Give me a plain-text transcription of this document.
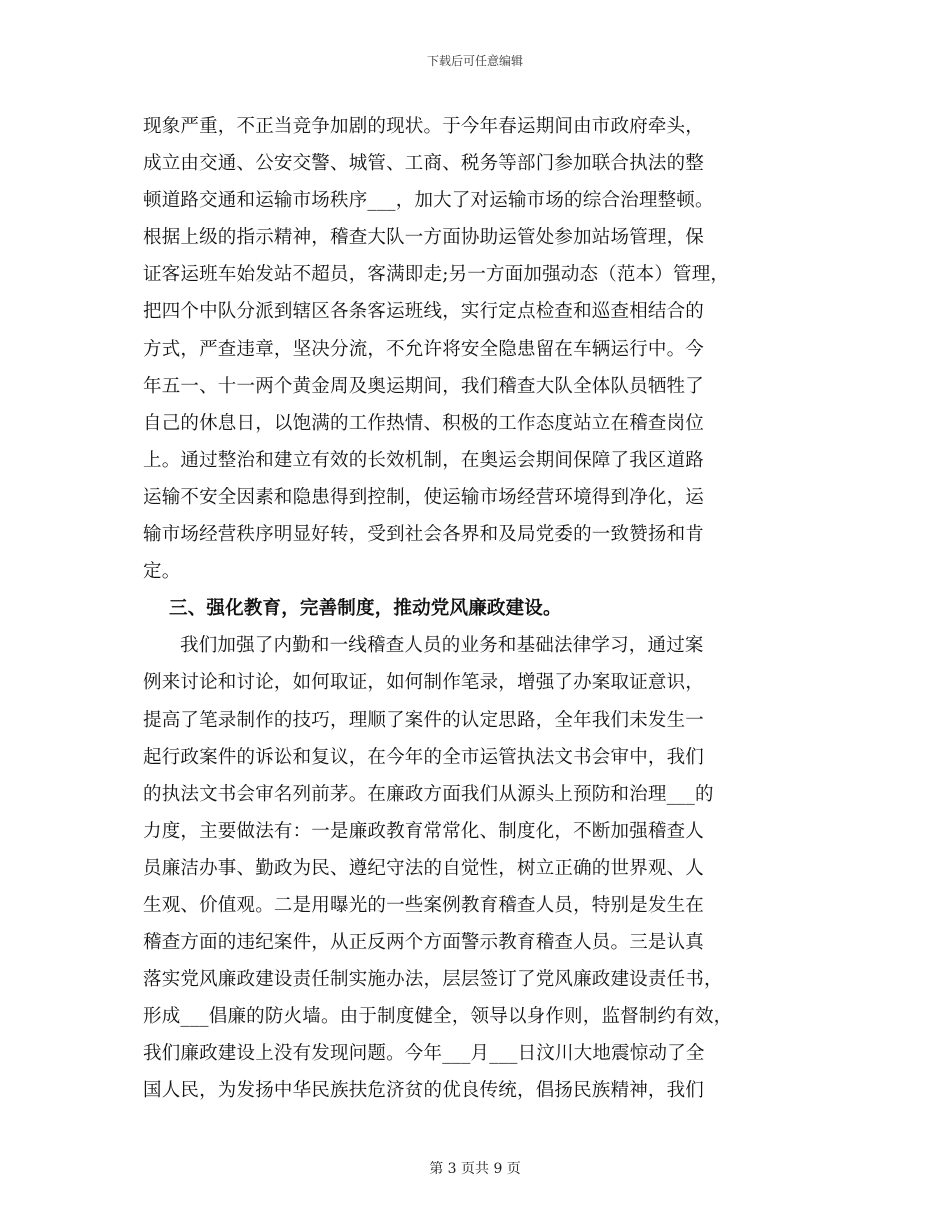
下载后可任意编辑
现象严重，不正当竞争加剧的现状。于今年春运期间由市政府牵头，
成立由交通、公安交警、城管、工商、税务等部门参加联合执法的整
顿道路交通和运输市场秩序___，加大了对运输市场的综合治理整顿。
根据上级的指示精神，稽查大队一方面协助运管处参加站场管理，保
证客运班车始发站不超员，客满即走;另一方面加强动态（范本）管理，
把四个中队分派到辖区各条客运班线，实行定点检查和巡查相结合的
方式，严查违章，坚决分流，不允许将安全隐患留在车辆运行中。今
年五一、十一两个黄金周及奥运期间，我们稽查大队全体队员牺牲了
自己的休息日，以饱满的工作热情、积极的工作态度站立在稽查岗位
上。通过整治和建立有效的长效机制，在奥运会期间保障了我区道路
运输不安全因素和隐患得到控制，使运输市场经营环境得到净化，运
输市场经营秩序明显好转，受到社会各界和及局党委的一致赞扬和肯
定。
三、强化教育，完善制度，推动党风廉政建设。
我们加强了内勤和一线稽查人员的业务和基础法律学习，通过案
例来讨论和讨论，如何取证，如何制作笔录，增强了办案取证意识，
提高了笔录制作的技巧，理顺了案件的认定思路，全年我们未发生一
起行政案件的诉讼和复议，在今年的全市运管执法文书会审中，我们
的执法文书会审名列前茅。在廉政方面我们从源头上预防和治理___的
力度，主要做法有：一是廉政教育常常化、制度化，不断加强稽查人
员廉洁办事、勤政为民、遵纪守法的自觉性，树立正确的世界观、人
生观、价值观。二是用曝光的一些案例教育稽查人员，特别是发生在
稽查方面的违纪案件，从正反两个方面警示教育稽查人员。三是认真
落实党风廉政建设责任制实施办法，层层签订了党风廉政建设责任书，
形成___倡廉的防火墙。由于制度健全，领导以身作则，监督制约有效，
我们廉政建设上没有发现问题。今年___月___日汶川大地震惊动了全
国人民，为发扬中华民族扶危济贫的优良传统，倡扬民族精神，我们
第 3 页共 9 页
